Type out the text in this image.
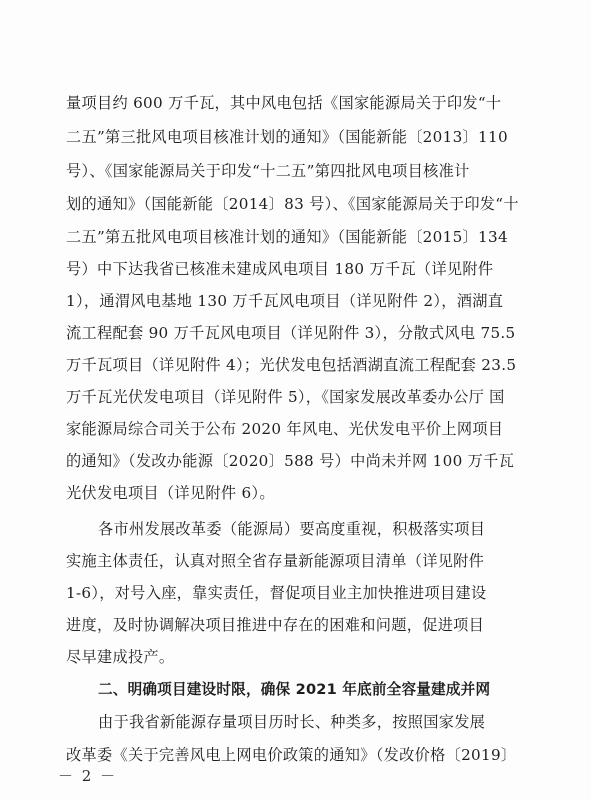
量项目约 600 万千瓦，其中风电包括《国家能源局关于印发“十
二五”第三批风电项目核准计划的通知》（国能新能〔2013〕110
号）、《国家能源局关于印发“十二五”第四批风电项目核准计
划的通知》（国能新能〔2014〕83 号）、《国家能源局关于印发“十
二五”第五批风电项目核准计划的通知》（国能新能〔2015〕134
号）中下达我省已核准未建成风电项目 180 万千瓦（详见附件
1），通渭风电基地 130 万千瓦风电项目（详见附件 2），酒湖直
流工程配套 90 万千瓦风电项目（详见附件 3），分散式风电 75.5
万千瓦项目（详见附件 4）；光伏发电包括酒湖直流工程配套 23.5
万千瓦光伏发电项目（详见附件 5），《国家发展改革委办公厅 国
家能源局综合司关于公布 2020 年风电、光伏发电平价上网项目
的通知》（发改办能源〔2020〕588 号）中尚未并网 100 万千瓦
光伏发电项目（详见附件 6）。
各市州发展改革委（能源局）要高度重视，积极落实项目
实施主体责任，认真对照全省存量新能源项目清单（详见附件
1-6），对号入座，靠实责任，督促项目业主加快推进项目建设
进度，及时协调解决项目推进中存在的困难和问题，促进项目
尽早建成投产。
二、明确项目建设时限，确保 2021 年底前全容量建成并网
由于我省新能源存量项目历时长、种类多，按照国家发展
改革委《关于完善风电上网电价政策的通知》（发改价格〔2019〕
－ 2 －
